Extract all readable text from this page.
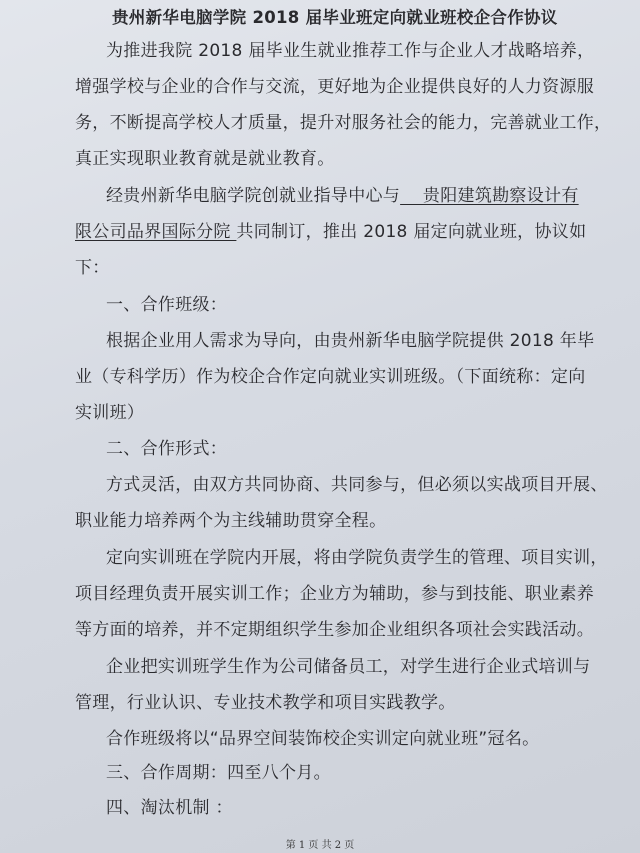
贵州新华电脑学院 2018 届毕业班定向就业班校企合作协议
为推进我院 2018 届毕业生就业推荐工作与企业人才战略培养，
增强学校与企业的合作与交流，更好地为企业提供良好的人力资源服
务，不断提高学校人才质量，提升对服务社会的能力，完善就业工作，
真正实现职业教育就是就业教育。
经贵州新华电脑学院创就业指导中心与    贵阳建筑勘察设计有
限公司品界国际分院 共同制订，推出 2018 届定向就业班，协议如
下：
一、合作班级：
根据企业用人需求为导向，由贵州新华电脑学院提供 2018 年毕
业（专科学历）作为校企合作定向就业实训班级。（下面统称：定向
实训班）
二、合作形式：
方式灵活，由双方共同协商、共同参与，但必须以实战项目开展、
职业能力培养两个为主线辅助贯穿全程。
定向实训班在学院内开展，将由学院负责学生的管理、项目实训，
项目经理负责开展实训工作；企业方为辅助，参与到技能、职业素养
等方面的培养，并不定期组织学生参加企业组织各项社会实践活动。
企业把实训班学生作为公司储备员工，对学生进行企业式培训与
管理，行业认识、专业技术教学和项目实践教学。
合作班级将以“品界空间装饰校企实训定向就业班”冠名。
三、合作周期：四至八个月。
四、淘汰机制 ：
第 1 页 共 2 页
